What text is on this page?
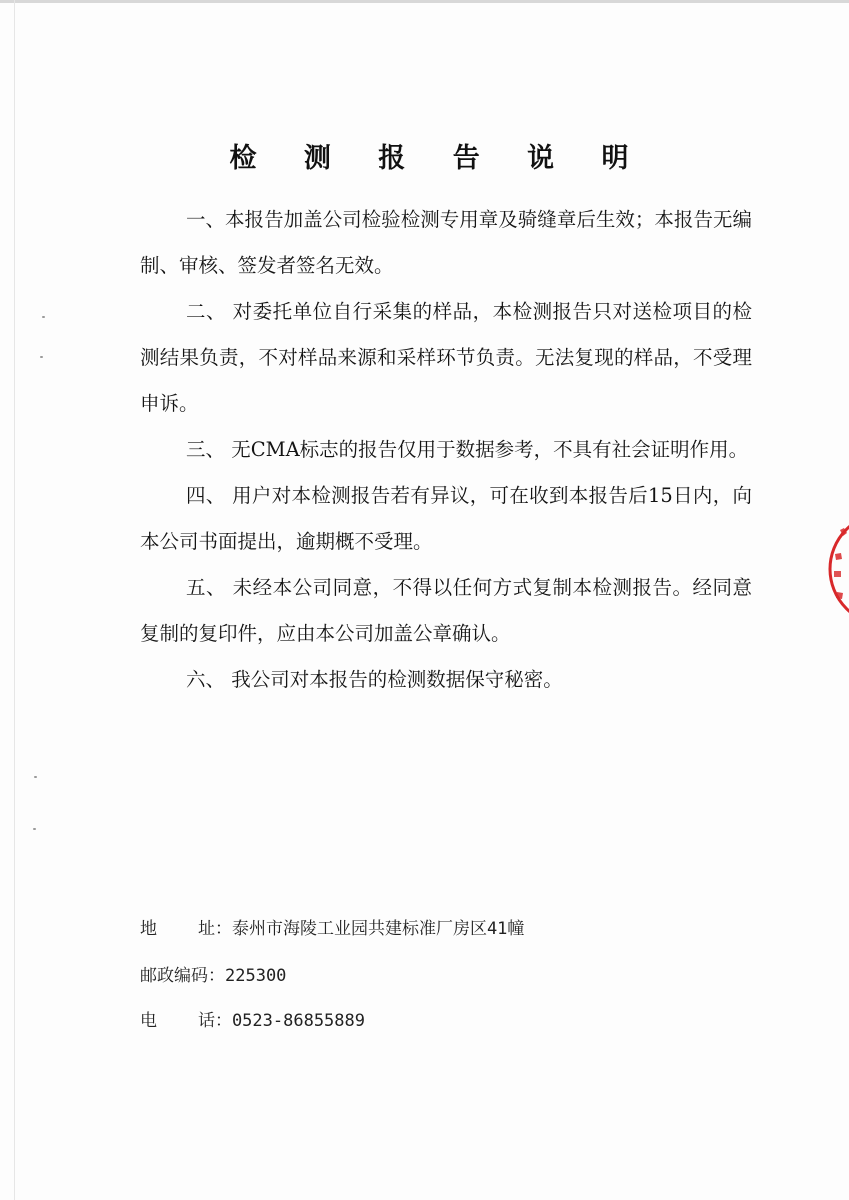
检 测 报 告 说 明

一、本报告加盖公司检验检测专用章及骑缝章后生效；本报告无编制、审核、签发者签名无效。

二、 对委托单位自行采集的样品，本检测报告只对送检项目的检测结果负责，不对样品来源和采样环节负责。无法复现的样品，不受理申诉。

三、 无CMA标志的报告仅用于数据参考，不具有社会证明作用。

四、 用户对本检测报告若有异议，可在收到本报告后15日内，向本公司书面提出，逾期概不受理。

五、 未经本公司同意，不得以任何方式复制本检测报告。经同意复制的复印件，应由本公司加盖公章确认。

六、 我公司对本报告的检测数据保守秘密。

地    址：泰州市海陵工业园共建标准厂房区41幢
邮政编码：225300
电    话：0523-86855889
